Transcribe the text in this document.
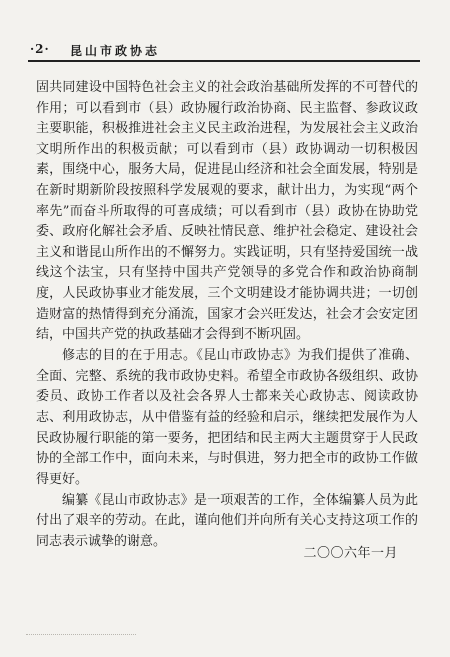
·2· 昆山市政协志

固共同建设中国特色社会主义的社会政治基础所发挥的不可替代的作用；可以看到市（县）政协履行政治协商、民主监督、参政议政主要职能，积极推进社会主义民主政治进程，为发展社会主义政治文明所作出的积极贡献；可以看到市（县）政协调动一切积极因素，围绕中心，服务大局，促进昆山经济和社会全面发展，特别是在新时期新阶段按照科学发展观的要求，献计出力，为实现“两个率先”而奋斗所取得的可喜成绩；可以看到市（县）政协在协助党委、政府化解社会矛盾、反映社情民意、维护社会稳定、建设社会主义和谐昆山所作出的不懈努力。实践证明，只有坚持爱国统一战线这个法宝，只有坚持中国共产党领导的多党合作和政治协商制度，人民政协事业才能发展，三个文明建设才能协调共进；一切创造财富的热情得到充分涌流，国家才会兴旺发达，社会才会安定团结，中国共产党的执政基础才会得到不断巩固。

修志的目的在于用志。《昆山市政协志》为我们提供了准确、全面、完整、系统的我市政协史料。希望全市政协各级组织、政协委员、政协工作者以及社会各界人士都来关心政协志、阅读政协志、利用政协志，从中借鉴有益的经验和启示，继续把发展作为人民政协履行职能的第一要务，把团结和民主两大主题贯穿于人民政协的全部工作中，面向未来，与时俱进，努力把全市的政协工作做得更好。

编纂《昆山市政协志》是一项艰苦的工作，全体编纂人员为此付出了艰辛的劳动。在此，谨向他们并向所有关心支持这项工作的同志表示诚挚的谢意。

二〇〇六年一月
